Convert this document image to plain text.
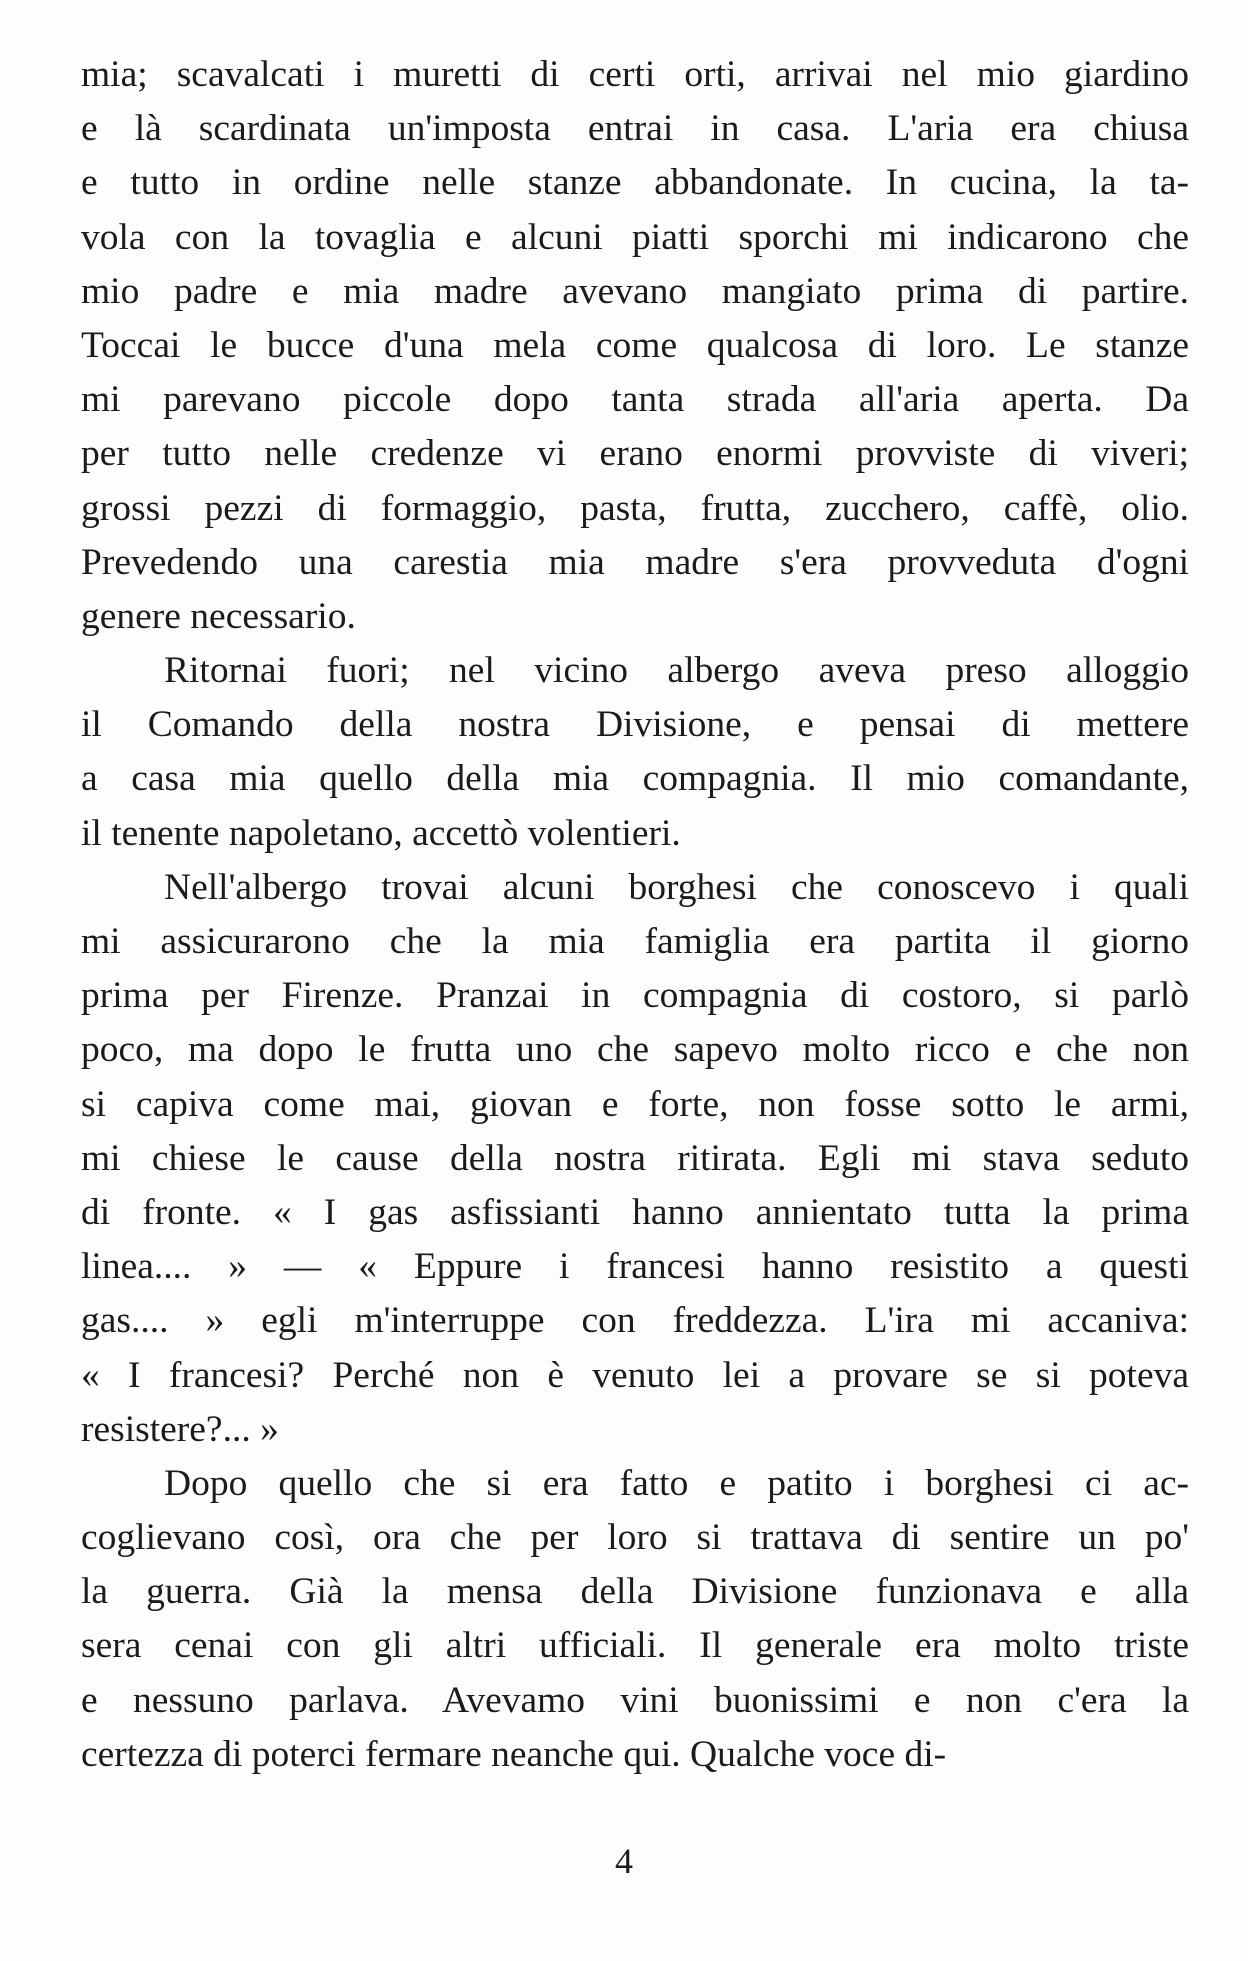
mia; scavalcati i muretti di certi orti, arrivai nel mio giardino
e là scardinata un'imposta entrai in casa. L'aria era chiusa
e tutto in ordine nelle stanze abbandonate. In cucina, la ta-
vola con la tovaglia e alcuni piatti sporchi mi indicarono che
mio padre e mia madre avevano mangiato prima di partire.
Toccai le bucce d'una mela come qualcosa di loro. Le stanze
mi parevano piccole dopo tanta strada all'aria aperta. Da
per tutto nelle credenze vi erano enormi provviste di viveri;
grossi pezzi di formaggio, pasta, frutta, zucchero, caffè, olio.
Prevedendo una carestia mia madre s'era provveduta d'ogni
genere necessario.
Ritornai fuori; nel vicino albergo aveva preso alloggio
il Comando della nostra Divisione, e pensai di mettere
a casa mia quello della mia compagnia. Il mio comandante,
il tenente napoletano, accettò volentieri.
Nell'albergo trovai alcuni borghesi che conoscevo i quali
mi assicurarono che la mia famiglia era partita il giorno
prima per Firenze. Pranzai in compagnia di costoro, si parlò
poco, ma dopo le frutta uno che sapevo molto ricco e che non
si capiva come mai, giovan e forte, non fosse sotto le armi,
mi chiese le cause della nostra ritirata. Egli mi stava seduto
di fronte. « I gas asfissianti hanno annientato tutta la prima
linea.... » — « Eppure i francesi hanno resistito a questi
gas.... » egli m'interruppe con freddezza. L'ira mi accaniva:
« I francesi? Perché non è venuto lei a provare se si poteva
resistere?... »
Dopo quello che si era fatto e patito i borghesi ci ac-
coglievano così, ora che per loro si trattava di sentire un po'
la guerra. Già la mensa della Divisione funzionava e alla
sera cenai con gli altri ufficiali. Il generale era molto triste
e nessuno parlava. Avevamo vini buonissimi e non c'era la
certezza di poterci fermare neanche qui. Qualche voce di-
4
